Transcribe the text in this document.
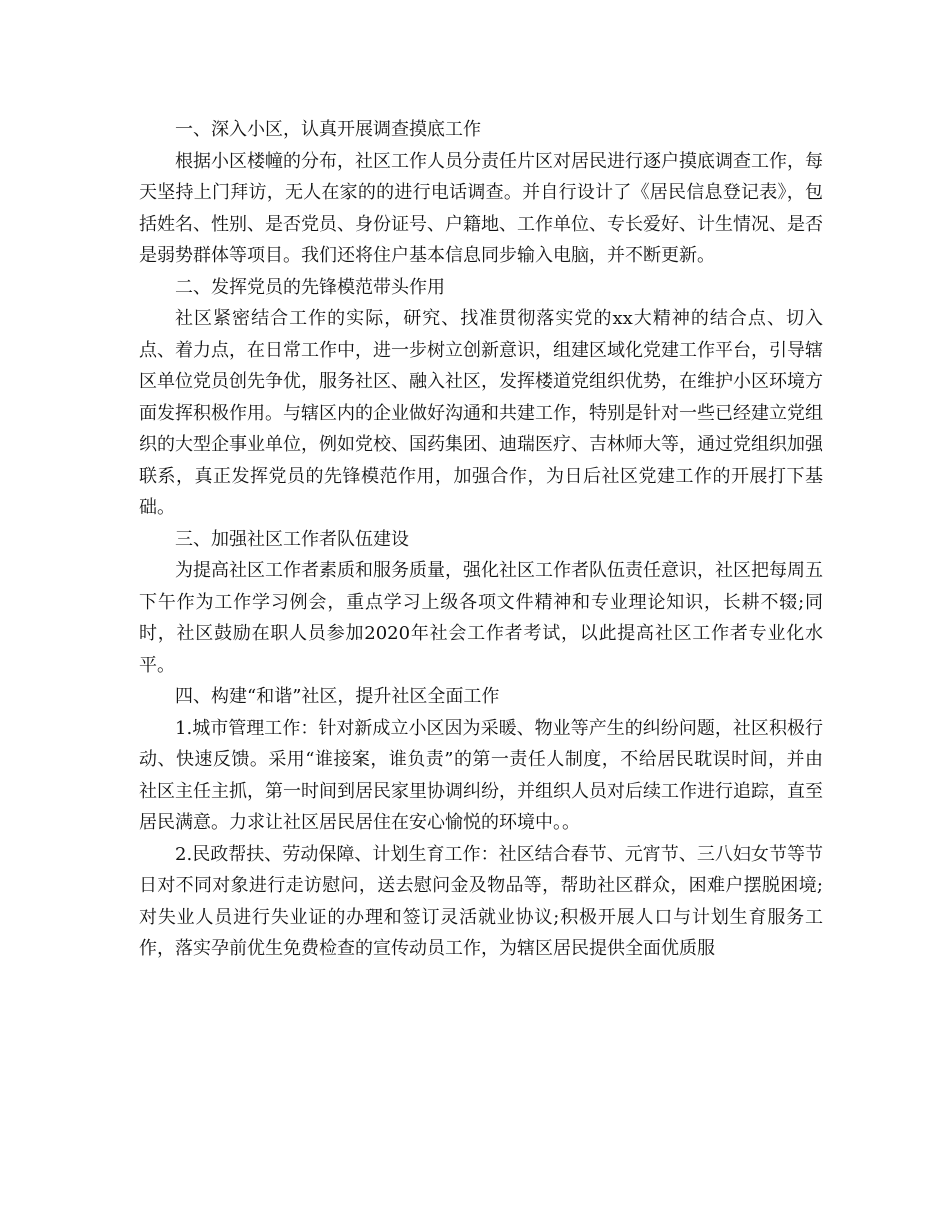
一、深入小区，认真开展调查摸底工作

根据小区楼幢的分布，社区工作人员分责任片区对居民进行逐户摸底调查工作，每天坚持上门拜访，无人在家的的进行电话调查。并自行设计了《居民信息登记表》，包括姓名、性别、是否党员、身份证号、户籍地、工作单位、专长爱好、计生情况、是否是弱势群体等项目。我们还将住户基本信息同步输入电脑，并不断更新。

二、发挥党员的先锋模范带头作用

社区紧密结合工作的实际，研究、找准贯彻落实党的xx大精神的结合点、切入点、着力点，在日常工作中，进一步树立创新意识，组建区域化党建工作平台，引导辖区单位党员创先争优，服务社区、融入社区，发挥楼道党组织优势，在维护小区环境方面发挥积极作用。与辖区内的企业做好沟通和共建工作，特别是针对一些已经建立党组织的大型企事业单位，例如党校、国药集团、迪瑞医疗、吉林师大等，通过党组织加强联系，真正发挥党员的先锋模范作用，加强合作，为日后社区党建工作的开展打下基础。

三、加强社区工作者队伍建设

为提高社区工作者素质和服务质量，强化社区工作者队伍责任意识，社区把每周五下午作为工作学习例会，重点学习上级各项文件精神和专业理论知识，长耕不辍;同时，社区鼓励在职人员参加2020年社会工作者考试，以此提高社区工作者专业化水平。

四、构建“和谐”社区，提升社区全面工作

1.城市管理工作：针对新成立小区因为采暖、物业等产生的纠纷问题，社区积极行动、快速反馈。采用“谁接案，谁负责”的第一责任人制度，不给居民耽误时间，并由社区主任主抓，第一时间到居民家里协调纠纷，并组织人员对后续工作进行追踪，直至居民满意。力求让社区居民居住在安心愉悦的环境中。。

2.民政帮扶、劳动保障、计划生育工作：社区结合春节、元宵节、三八妇女节等节日对不同对象进行走访慰问，送去慰问金及物品等，帮助社区群众，困难户摆脱困境;对失业人员进行失业证的办理和签订灵活就业协议;积极开展人口与计划生育服务工作，落实孕前优生免费检查的宣传动员工作，为辖区居民提供全面优质服
